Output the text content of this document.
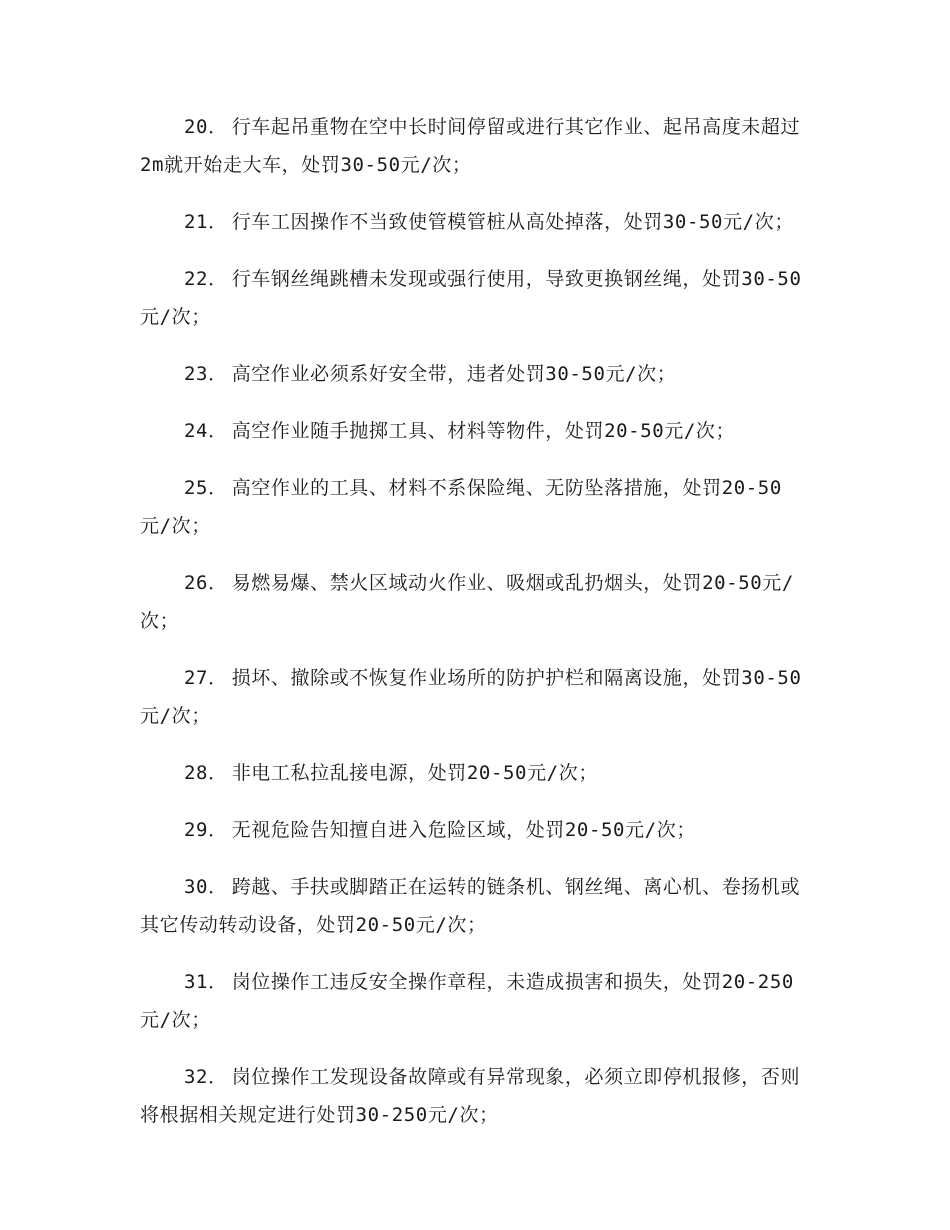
20． 行车起吊重物在空中长时间停留或进行其它作业、起吊高度未超过2m就开始走大车，处罚30-50元/次；

21． 行车工因操作不当致使管模管桩从高处掉落，处罚30-50元/次；

22． 行车钢丝绳跳槽未发现或强行使用，导致更换钢丝绳，处罚30-50元/次；

23． 高空作业必须系好安全带，违者处罚30-50元/次；

24． 高空作业随手抛掷工具、材料等物件，处罚20-50元/次；

25． 高空作业的工具、材料不系保险绳、无防坠落措施，处罚20-50元/次；

26． 易燃易爆、禁火区域动火作业、吸烟或乱扔烟头，处罚20-50元/次；

27． 损坏、撤除或不恢复作业场所的防护护栏和隔离设施，处罚30-50元/次；

28． 非电工私拉乱接电源，处罚20-50元/次；

29． 无视危险告知擅自进入危险区域，处罚20-50元/次；

30． 跨越、手扶或脚踏正在运转的链条机、钢丝绳、离心机、卷扬机或其它传动转动设备，处罚20-50元/次；

31． 岗位操作工违反安全操作章程，未造成损害和损失，处罚20-250元/次；

32． 岗位操作工发现设备故障或有异常现象，必须立即停机报修，否则将根据相关规定进行处罚30-250元/次；
